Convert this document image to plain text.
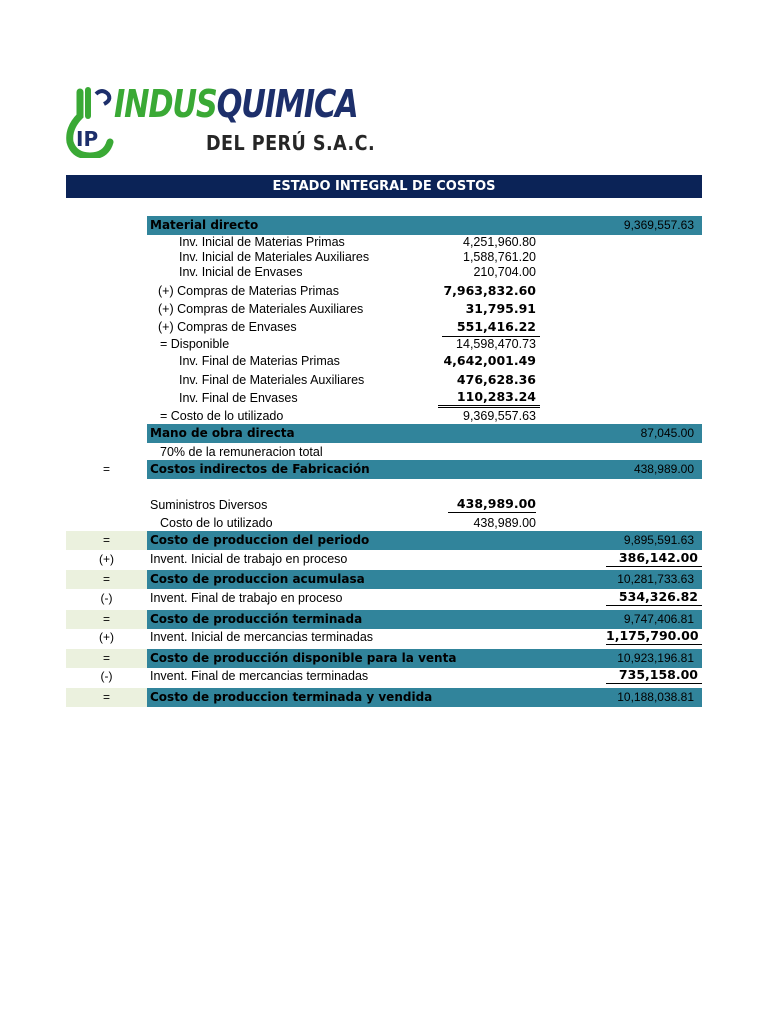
IP
INDUSQUIMICA
DEL PERÚ S.A.C.
ESTADO INTEGRAL DE COSTOS
Material directo	9,369,557.63
Inv. Inicial de Materias Primas	4,251,960.80
Inv. Inicial de Materiales Auxiliares	1,588,761.20
Inv. Inicial de Envases	210,704.00
(+) Compras de Materias Primas	7,963,832.60
(+) Compras de Materiales Auxiliares	31,795.91
(+) Compras de Envases	551,416.22
= Disponible	14,598,470.73
Inv. Final de Materias Primas	4,642,001.49
Inv. Final de Materiales Auxiliares	476,628.36
Inv. Final de Envases	110,283.24
= Costo de lo utilizado	9,369,557.63
Mano de obra directa	87,045.00
70% de la remuneracion total
=	Costos indirectos de Fabricación	438,989.00
Suministros Diversos	438,989.00
Costo de lo utilizado	438,989.00
=	Costo de produccion del periodo	9,895,591.63
(+)	Invent. Inicial de trabajo en proceso	386,142.00
=	Costo de produccion acumulasa	10,281,733.63
(-)	Invent. Final de trabajo en proceso	534,326.82
=	Costo de producción terminada	9,747,406.81
(+)	Invent. Inicial de mercancias terminadas	1,175,790.00
=	Costo de producción disponible para la venta	10,923,196.81
(-)	Invent. Final de mercancias terminadas	735,158.00
=	Costo de produccion terminada y vendida	10,188,038.81
